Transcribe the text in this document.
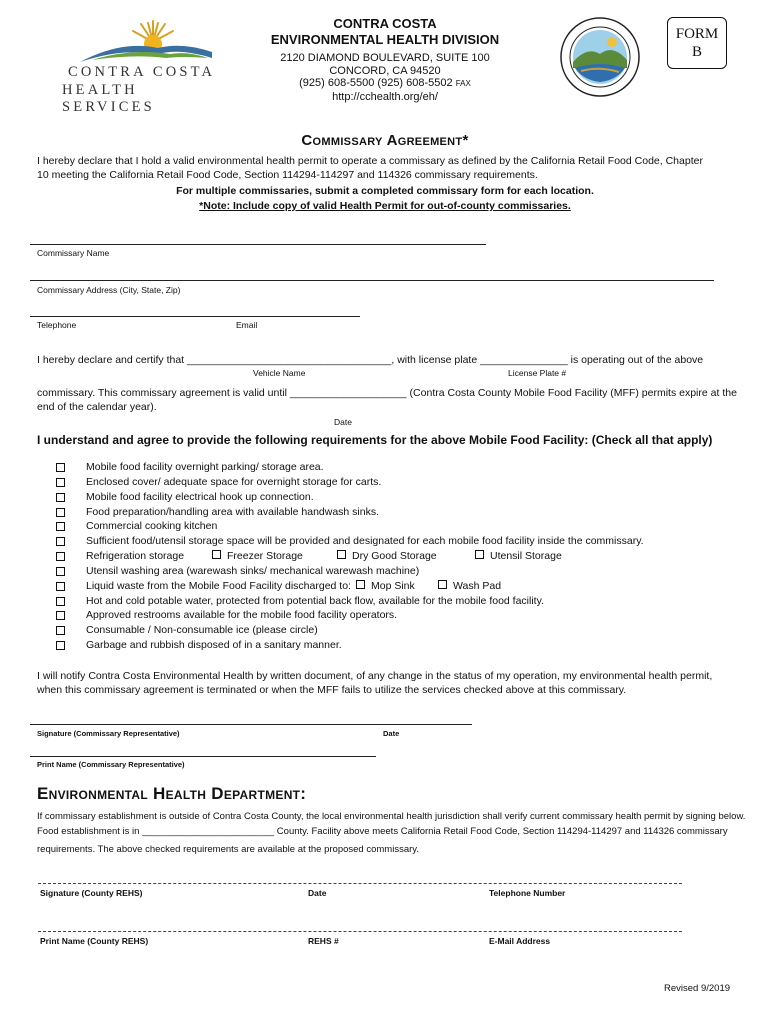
CONTRA COSTA
HEALTH SERVICES
CONTRA COSTA
ENVIRONMENTAL HEALTH DIVISION
2120 DIAMOND BOULEVARD, SUITE 100
CONCORD, CA 94520
(925) 608-5500 (925) 608-5502 FAX
http://cchealth.org/eh/
FORM
B
Commissary Agreement*
I hereby declare that I hold a valid environmental health permit to operate a commissary as defined by the California Retail Food Code, Chapter 10 meeting the California Retail Food Code, Section 114294-114297 and 114326 commissary requirements.
For multiple commissaries, submit a completed commissary form for each location.
*Note: Include copy of valid Health Permit for out-of-county commissaries.
Commissary Name
Commissary Address (City, State, Zip)
Telephone	Email
I hereby declare and certify that ___________________________________, with license plate _______________ is operating out of the above
Vehicle Name	License Plate #
commissary. This commissary agreement is valid until ____________________ (Contra Costa County Mobile Food Facility (MFF) permits expire at the end of the calendar year).
Date
I understand and agree to provide the following requirements for the above Mobile Food Facility: (Check all that apply)
Mobile food facility overnight parking/ storage area.
Enclosed cover/ adequate space for overnight storage for carts.
Mobile food facility electrical hook up connection.
Food preparation/handling area with available handwash sinks.
Commercial cooking kitchen
Sufficient food/utensil storage space will be provided and designated for each mobile food facility inside the commissary.
Refrigeration storage	Freezer Storage	Dry Good Storage	Utensil Storage
Utensil washing area (warewash sinks/ mechanical warewash machine)
Liquid waste from the Mobile Food Facility discharged to:	Mop Sink	Wash Pad
Hot and cold potable water, protected from potential back flow, available for the mobile food facility.
Approved restrooms available for the mobile food facility operators.
Consumable / Non-consumable ice (please circle)
Garbage and rubbish disposed of in a sanitary manner.
I will notify Contra Costa Environmental Health by written document, of any change in the status of my operation, my environmental health permit, when this commissary agreement is terminated or when the MFF fails to utilize the services checked above at this commissary.
Signature (Commissary Representative)	Date
Print Name (Commissary Representative)
Environmental Health Department:
If commissary establishment is outside of Contra Costa County, the local environmental health jurisdiction shall verify current commissary health permit by signing below.
Food establishment is in _________________________ County. Facility above meets California Retail Food Code, Section 114294-114297 and 114326 commissary
requirements. The above checked requirements are available at the proposed commissary.
Signature (County REHS)	Date	Telephone Number
Print Name (County REHS)	REHS #	E-Mail Address
Revised 9/2019
